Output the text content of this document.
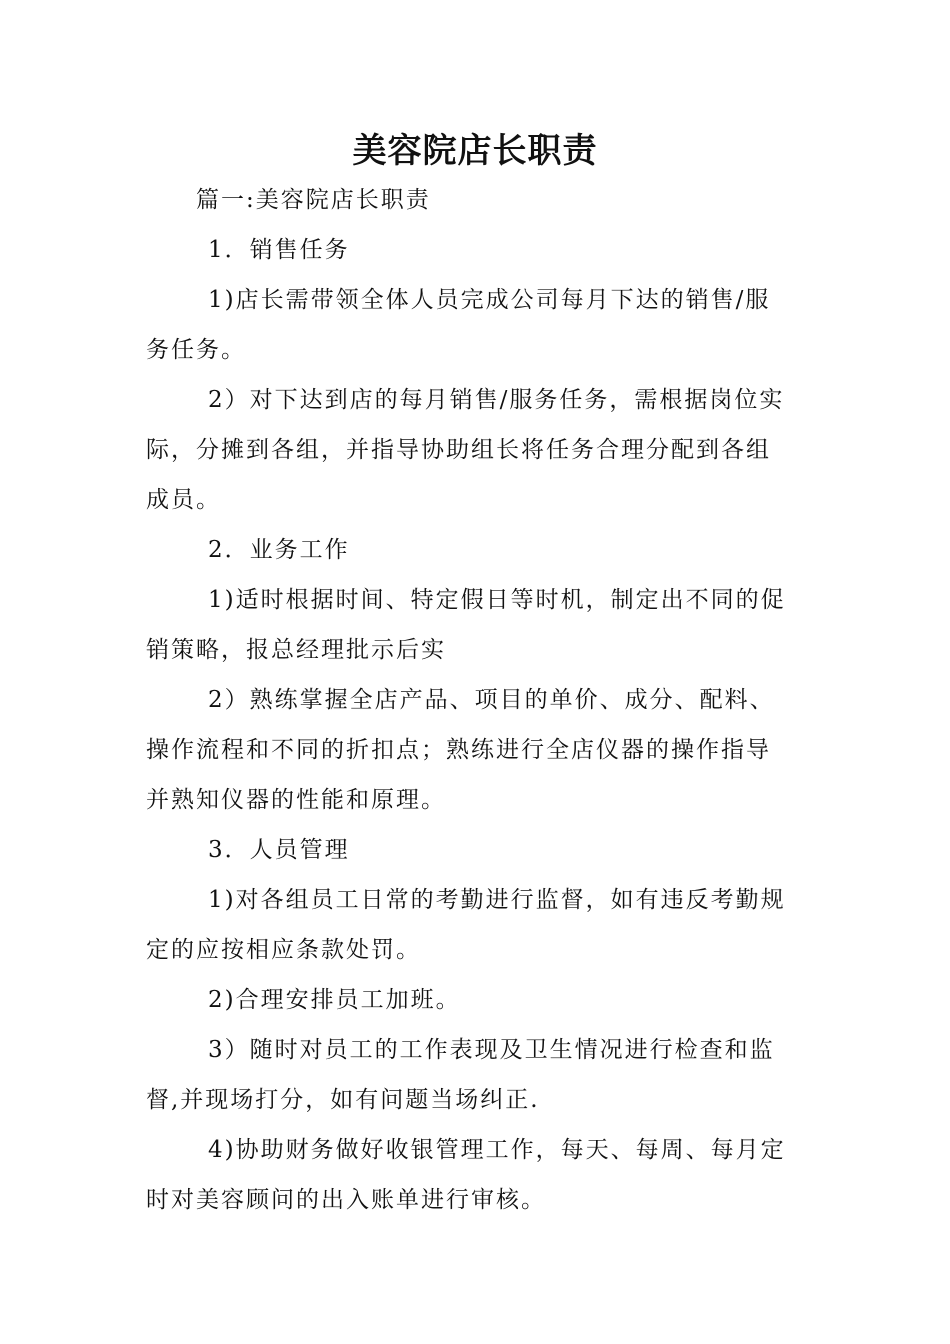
美容院店长职责
篇一:美容院店长职责
1．销售任务
1)店长需带领全体人员完成公司每月下达的销售/服
务任务。
2）对下达到店的每月销售/服务任务，需根据岗位实
际，分摊到各组，并指导协助组长将任务合理分配到各组
成员。
2．业务工作
1)适时根据时间、特定假日等时机，制定出不同的促
销策略，报总经理批示后实
2）熟练掌握全店产品、项目的单价、成分、配料、
操作流程和不同的折扣点；熟练进行全店仪器的操作指导
并熟知仪器的性能和原理。
3．人员管理
1)对各组员工日常的考勤进行监督，如有违反考勤规
定的应按相应条款处罚。
2)合理安排员工加班。
3）随时对员工的工作表现及卫生情况进行检查和监
督,并现场打分，如有问题当场纠正.
4)协助财务做好收银管理工作，每天、每周、每月定
时对美容顾问的出入账单进行审核。
